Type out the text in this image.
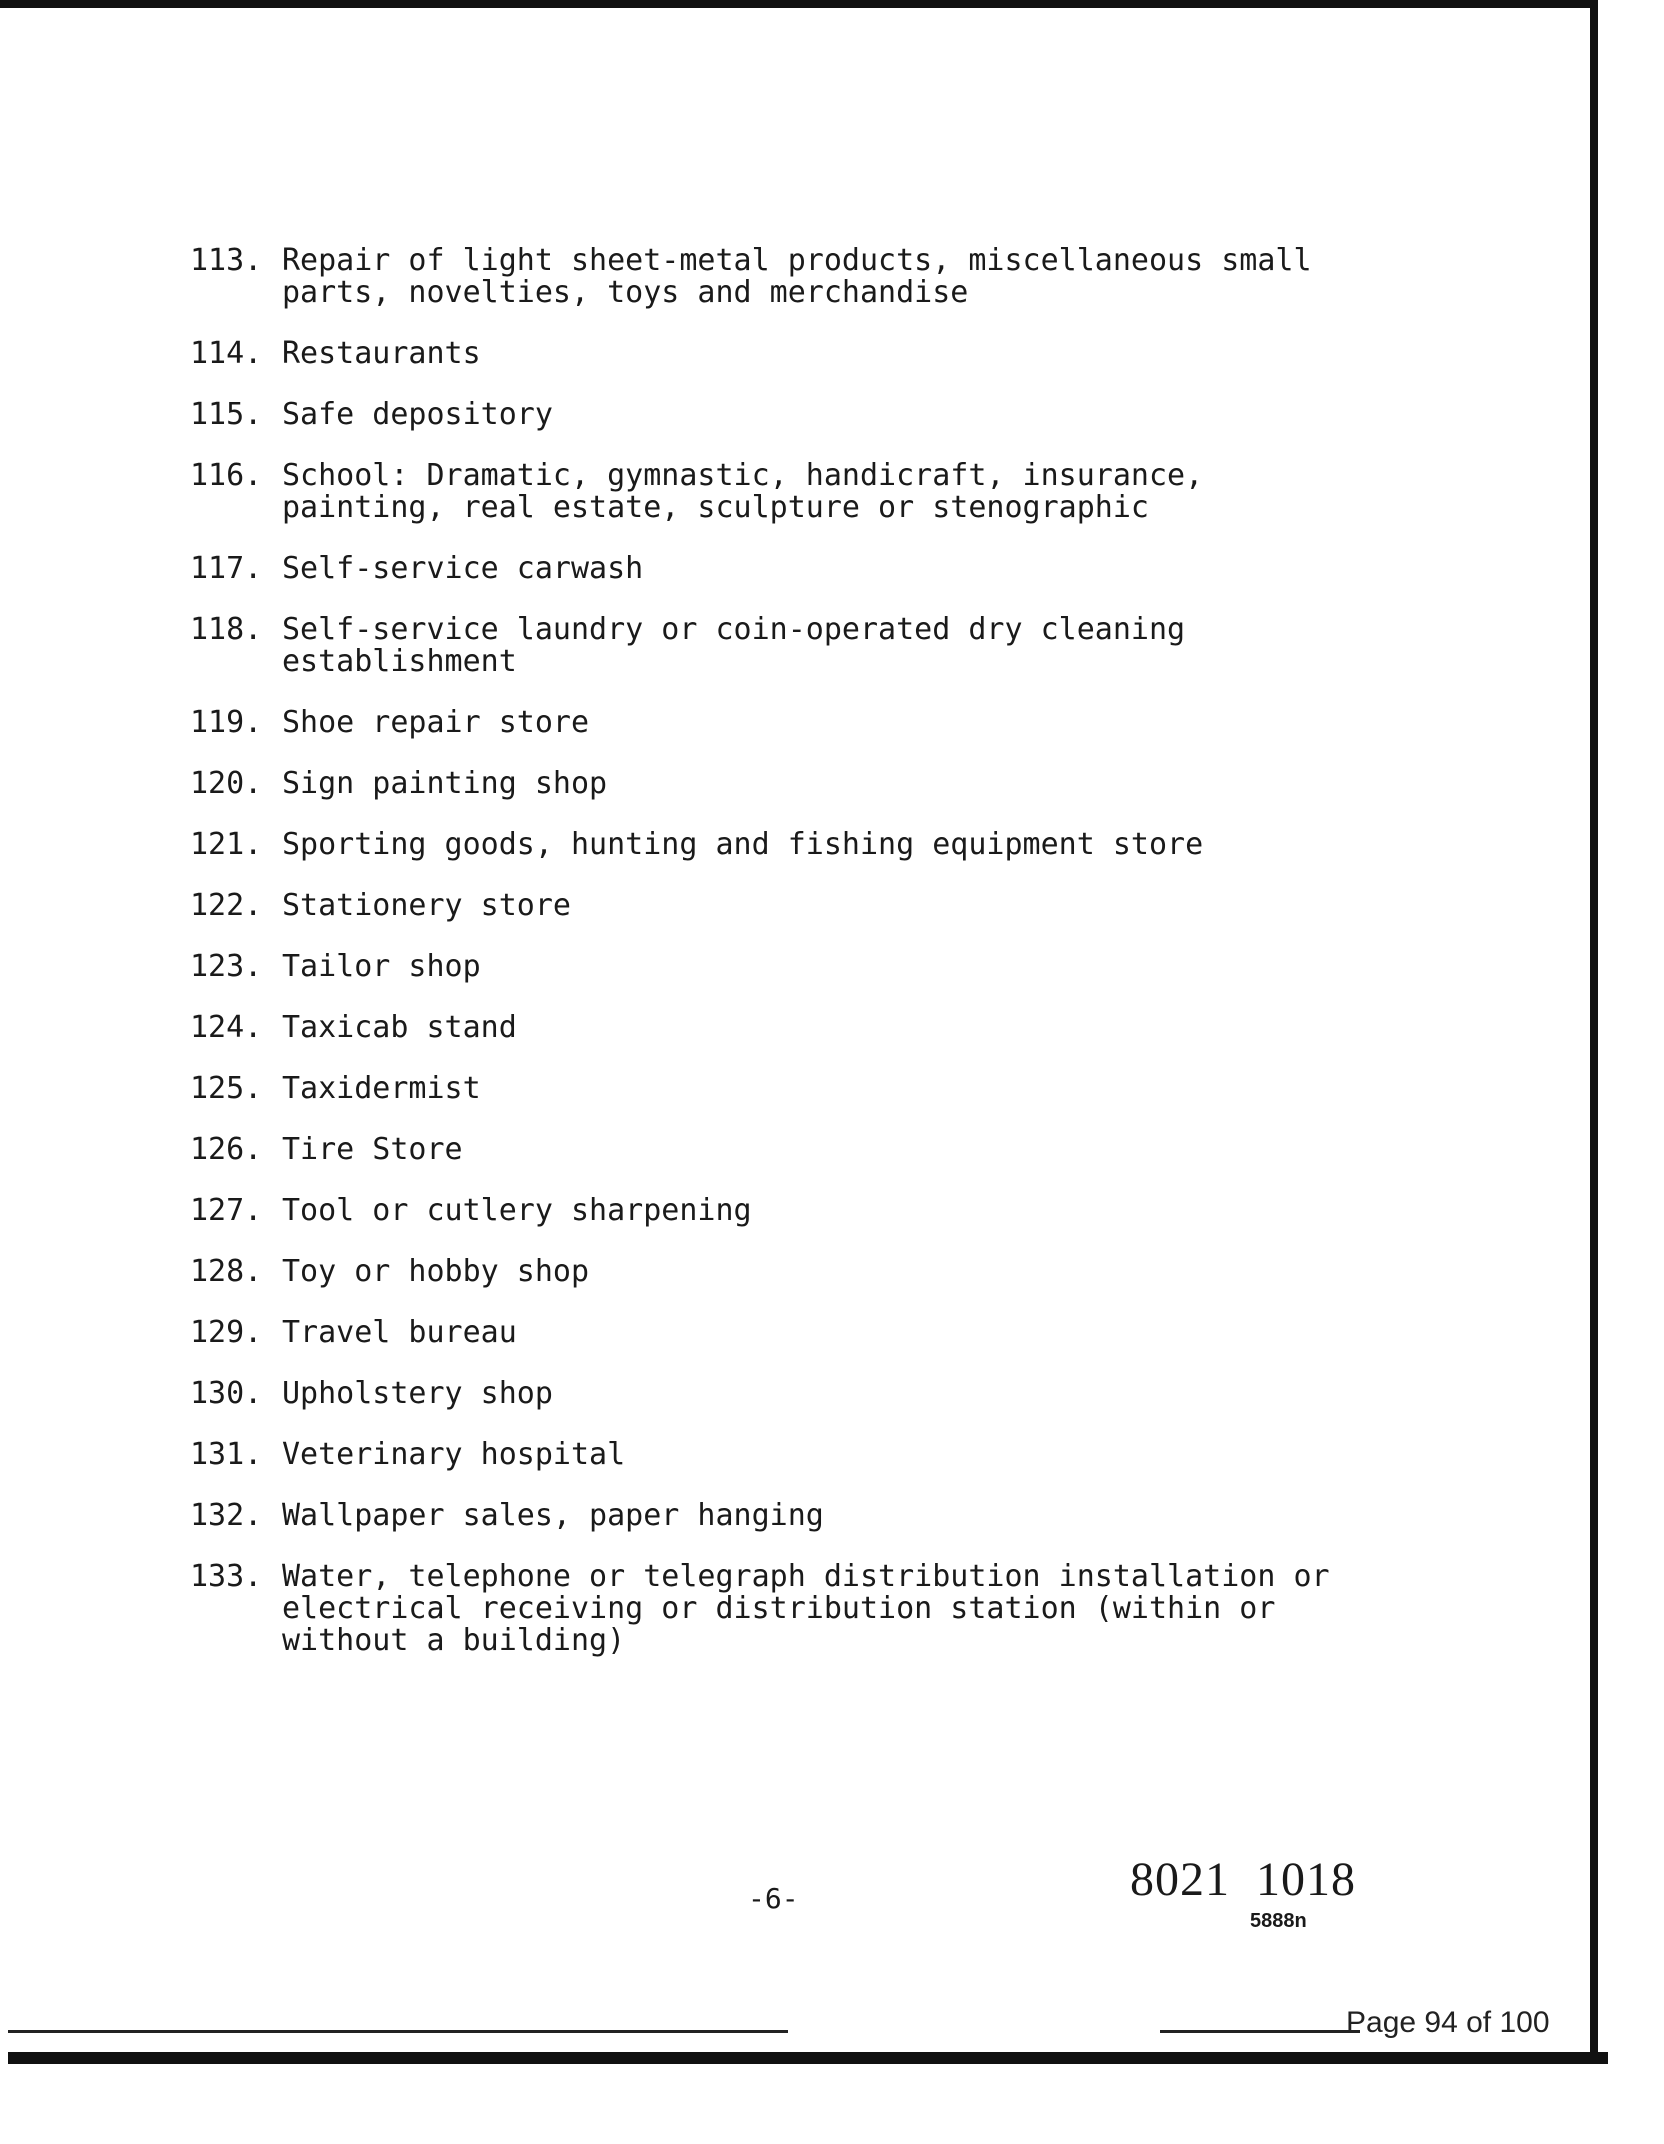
113. Repair of light sheet-metal products, miscellaneous small
parts, novelties, toys and merchandise
114. Restaurants
115. Safe depository
116. School: Dramatic, gymnastic, handicraft, insurance,
painting, real estate, sculpture or stenographic
117. Self-service carwash
118. Self-service laundry or coin-operated dry cleaning
establishment
119. Shoe repair store
120. Sign painting shop
121. Sporting goods, hunting and fishing equipment store
122. Stationery store
123. Tailor shop
124. Taxicab stand
125. Taxidermist
126. Tire Store
127. Tool or cutlery sharpening
128. Toy or hobby shop
129. Travel bureau
130. Upholstery shop
131. Veterinary hospital
132. Wallpaper sales, paper hanging
133. Water, telephone or telegraph distribution installation or
electrical receiving or distribution station (within or
without a building)
-6-	8021  1018
5888n
Page 94 of 100
